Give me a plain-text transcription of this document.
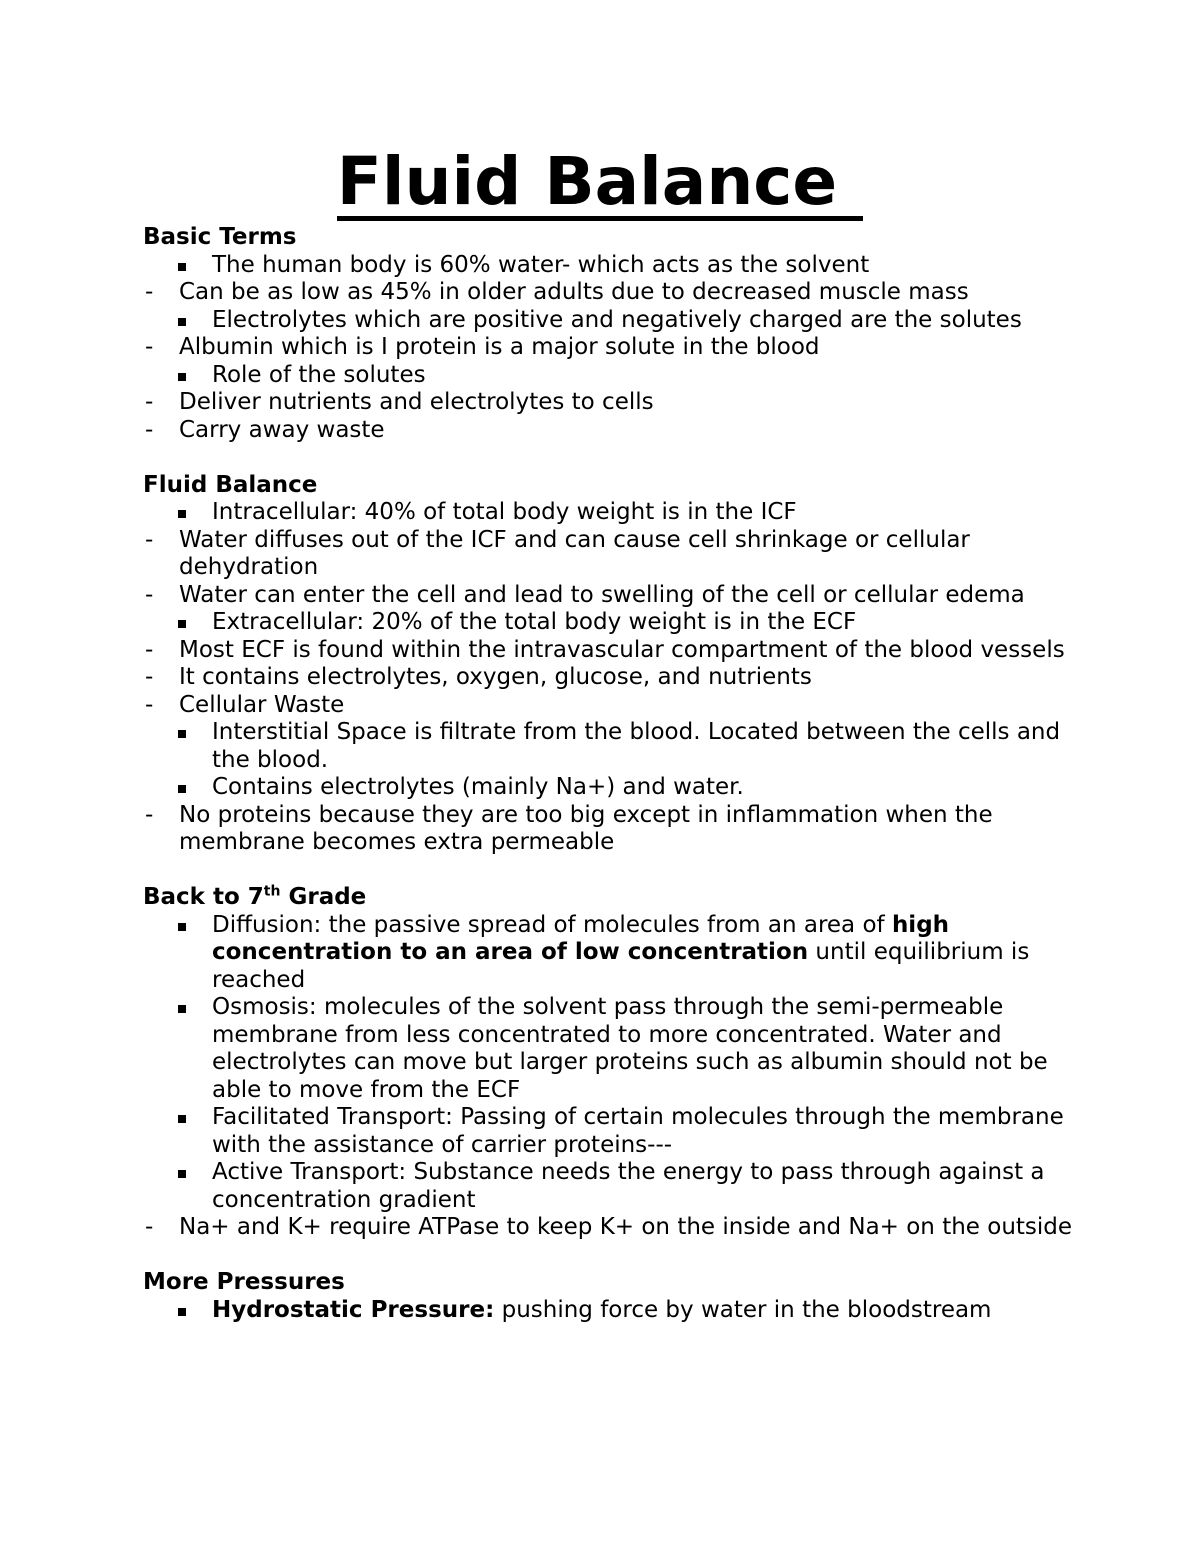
Fluid Balance

Basic Terms

The human body is 60% water- which acts as the solvent
- Can be as low as 45% in older adults due to decreased muscle mass
Electrolytes which are positive and negatively charged are the solutes
- Albumin which is I protein is a major solute in the blood
Role of the solutes
- Deliver nutrients and electrolytes to cells
- Carry away waste

Fluid Balance

Intracellular: 40% of total body weight is in the ICF
- Water diffuses out of the ICF and can cause cell shrinkage or cellular dehydration
- Water can enter the cell and lead to swelling of the cell or cellular edema
Extracellular: 20% of the total body weight is in the ECF
- Most ECF is found within the intravascular compartment of the blood vessels
- It contains electrolytes, oxygen, glucose, and nutrients
- Cellular Waste
Interstitial Space is filtrate from the blood. Located between the cells and the blood.
Contains electrolytes (mainly Na+) and water.
- No proteins because they are too big except in inflammation when the membrane becomes extra permeable

Back to 7th Grade

Diffusion: the passive spread of molecules from an area of high concentration to an area of low concentration until equilibrium is reached
Osmosis: molecules of the solvent pass through the semi-permeable membrane from less concentrated to more concentrated. Water and electrolytes can move but larger proteins such as albumin should not be able to move from the ECF
Facilitated Transport: Passing of certain molecules through the membrane with the assistance of carrier proteins---
Active Transport: Substance needs the energy to pass through against a concentration gradient
- Na+ and K+ require ATPase to keep K+ on the inside and Na+ on the outside

More Pressures

Hydrostatic Pressure: pushing force by water in the bloodstream
